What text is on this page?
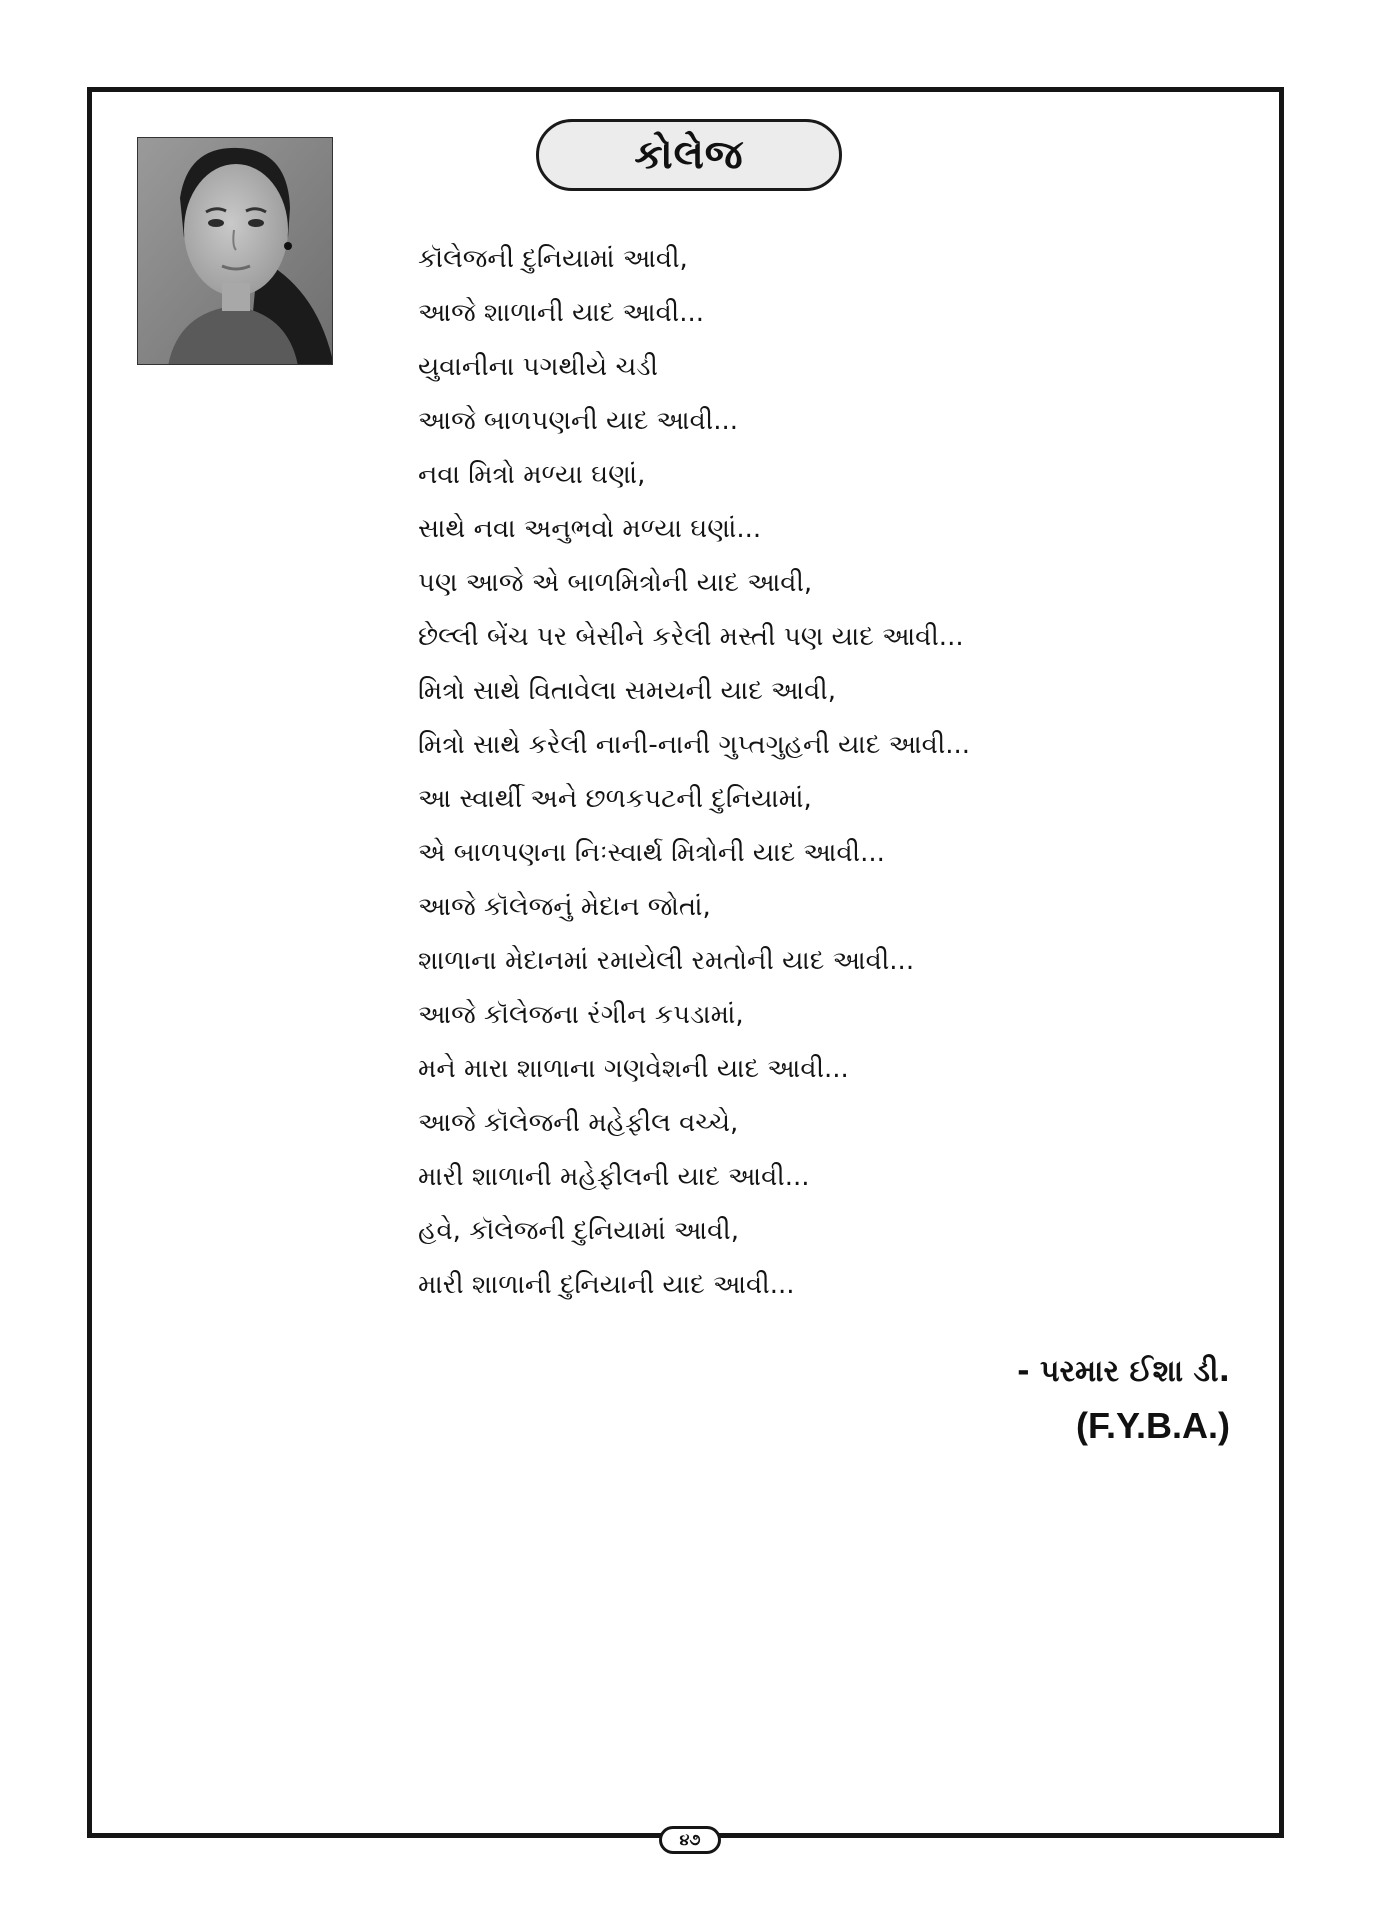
કોલેજ
કૉલેજની દુનિયામાં આવી,
આજે શાળાની યાદ આવી...
યુવાનીના પગથીયે ચડી
આજે બાળપણની યાદ આવી...
નવા મિત્રો મળ્યા ઘણાં,
સાથે નવા અનુભવો મળ્યા ઘણાં...
પણ આજે એ બાળમિત્રોની યાદ આવી,
છેલ્લી બેંચ પર બેસીને કરેલી મસ્તી પણ યાદ આવી...
મિત્રો સાથે વિતાવેલા સમયની યાદ આવી,
મિત્રો સાથે કરેલી નાની-નાની ગુપ્તગુહની યાદ આવી...
આ સ્વાર્થી અને છળકપટની દુનિયામાં,
એ બાળપણના નિઃસ્વાર્થ મિત્રોની યાદ આવી...
આજે કૉલેજનું મેદાન જોતાં,
શાળાના મેદાનમાં રમાયેલી રમતોની યાદ આવી...
આજે કૉલેજના રંગીન કપડામાં,
મને મારા શાળાના ગણવેશની યાદ આવી...
આજે કૉલેજની મહેફીલ વચ્ચે,
મારી શાળાની મહેફીલની યાદ આવી...
હવે, કૉલેજની દુનિયામાં આવી,
મારી શાળાની દુનિયાની યાદ આવી...
- પરમાર ઈશા ડી.
(F.Y.B.A.)
૪૭
